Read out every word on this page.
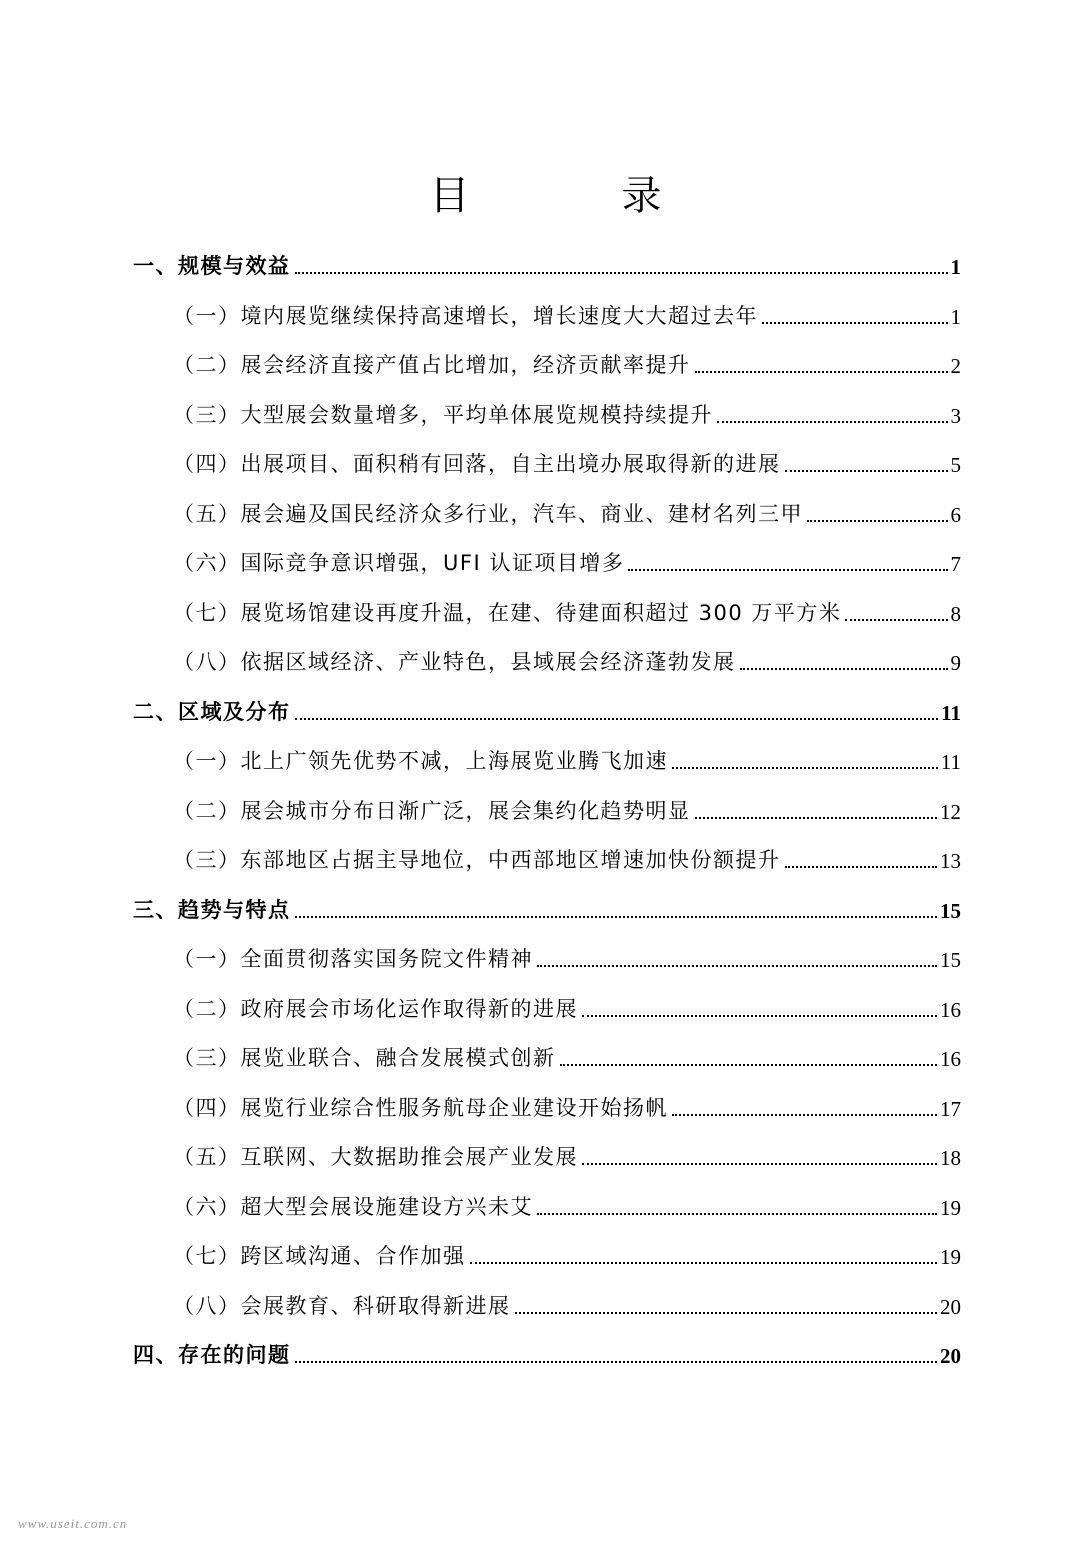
目　录
一、规模与效益	1
（一）境内展览继续保持高速增长，增长速度大大超过去年	1
（二）展会经济直接产值占比增加，经济贡献率提升	2
（三）大型展会数量增多，平均单体展览规模持续提升	3
（四）出展项目、面积稍有回落，自主出境办展取得新的进展	5
（五）展会遍及国民经济众多行业，汽车、商业、建材名列三甲	6
（六）国际竞争意识增强，UFI 认证项目增多	7
（七）展览场馆建设再度升温，在建、待建面积超过 300 万平方米	8
（八）依据区域经济、产业特色，县域展会经济蓬勃发展	9
二、区域及分布	11
（一）北上广领先优势不减，上海展览业腾飞加速	11
（二）展会城市分布日渐广泛，展会集约化趋势明显	12
（三）东部地区占据主导地位，中西部地区增速加快份额提升	13
三、趋势与特点	15
（一）全面贯彻落实国务院文件精神	15
（二）政府展会市场化运作取得新的进展	16
（三）展览业联合、融合发展模式创新	16
（四）展览行业综合性服务航母企业建设开始扬帆	17
（五）互联网、大数据助推会展产业发展	18
（六）超大型会展设施建设方兴未艾	19
（七）跨区域沟通、合作加强	19
（八）会展教育、科研取得新进展	20
四、存在的问题	20
www.useit.com.cn
